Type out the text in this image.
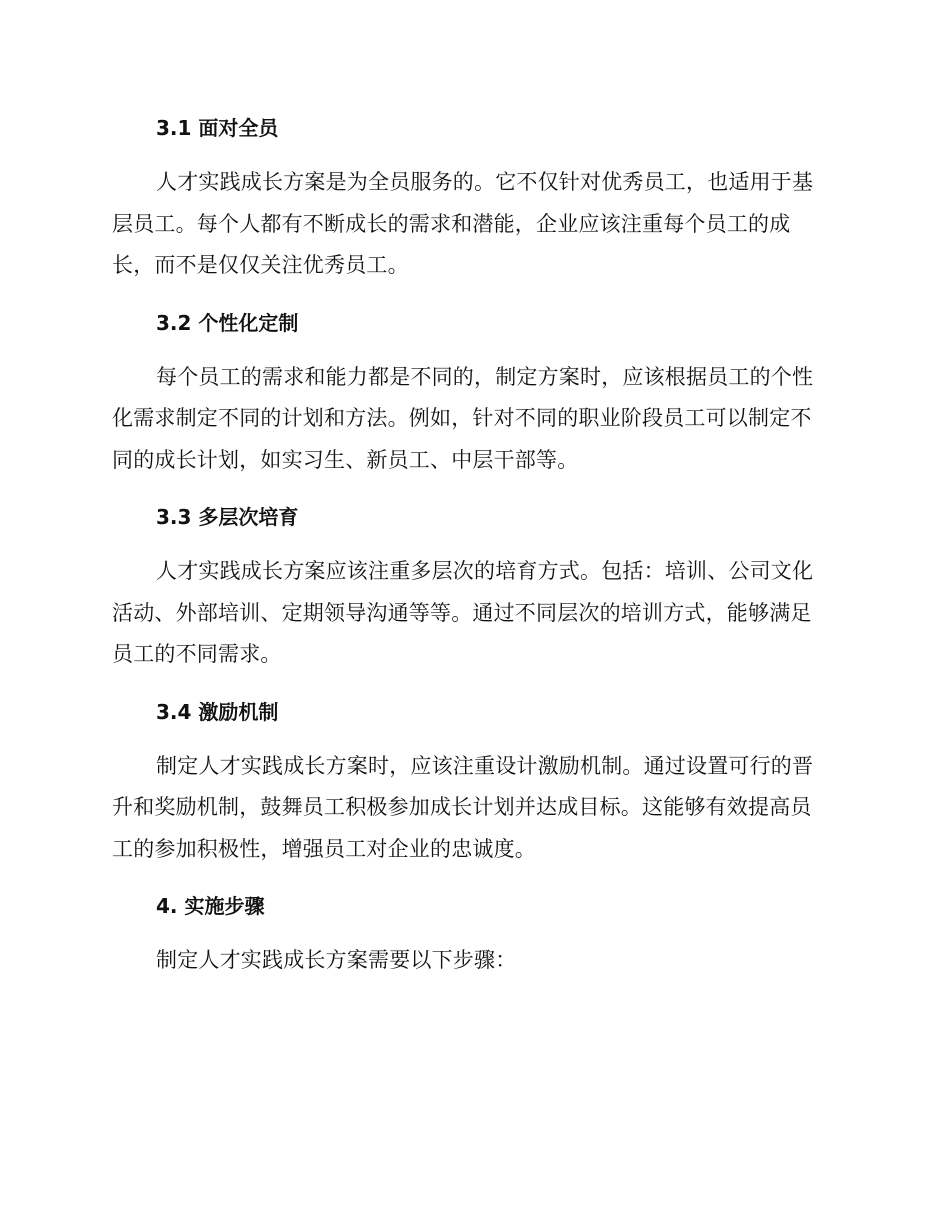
3.1 面对全员
人才实践成长方案是为全员服务的。它不仅针对优秀员工，也适用于基
层员工。每个人都有不断成长的需求和潜能，企业应该注重每个员工的成
长，而不是仅仅关注优秀员工。
3.2 个性化定制
每个员工的需求和能力都是不同的，制定方案时，应该根据员工的个性
化需求制定不同的计划和方法。例如，针对不同的职业阶段员工可以制定不
同的成长计划，如实习生、新员工、中层干部等。
3.3 多层次培育
人才实践成长方案应该注重多层次的培育方式。包括：培训、公司文化
活动、外部培训、定期领导沟通等等。通过不同层次的培训方式，能够满足
员工的不同需求。
3.4 激励机制
制定人才实践成长方案时，应该注重设计激励机制。通过设置可行的晋
升和奖励机制，鼓舞员工积极参加成长计划并达成目标。这能够有效提高员
工的参加积极性，增强员工对企业的忠诚度。
4. 实施步骤
制定人才实践成长方案需要以下步骤：
